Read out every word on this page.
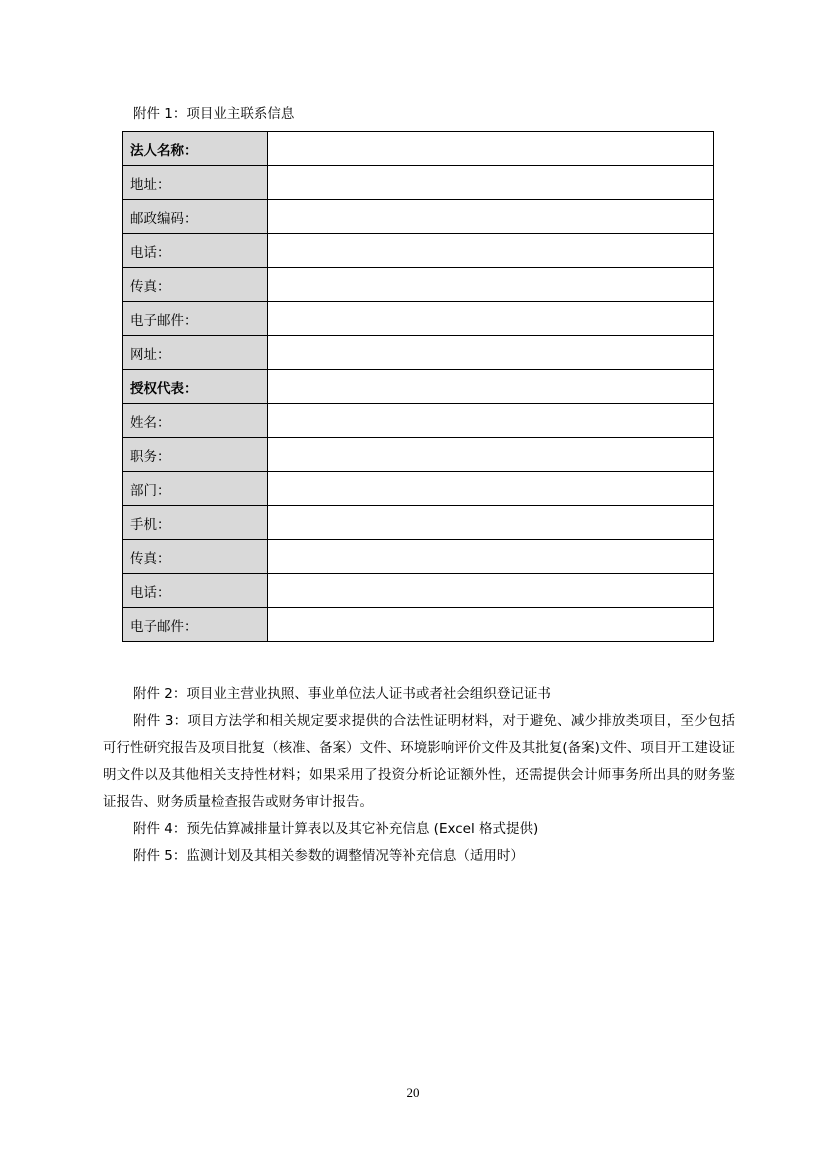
附件 1：项目业主联系信息
法人名称：	
地址：	
邮政编码：	
电话：	
传真：	
电子邮件：	
网址：	
授权代表：	
姓名：	
职务：	
部门：	
手机：	
传真：	
电话：	
电子邮件：	

附件 2：项目业主营业执照、事业单位法人证书或者社会组织登记证书

附件 3：项目方法学和相关规定要求提供的合法性证明材料，对于避免、减少排放类项目，至少包括可行性研究报告及项目批复（核准、备案）文件、环境影响评价文件及其批复(备案)文件、项目开工建设证明文件以及其他相关支持性材料；如果采用了投资分析论证额外性，还需提供会计师事务所出具的财务鉴证报告、财务质量检查报告或财务审计报告。

附件 4：预先估算减排量计算表以及其它补充信息 (Excel 格式提供)

附件 5：监测计划及其相关参数的调整情况等补充信息（适用时）

20
